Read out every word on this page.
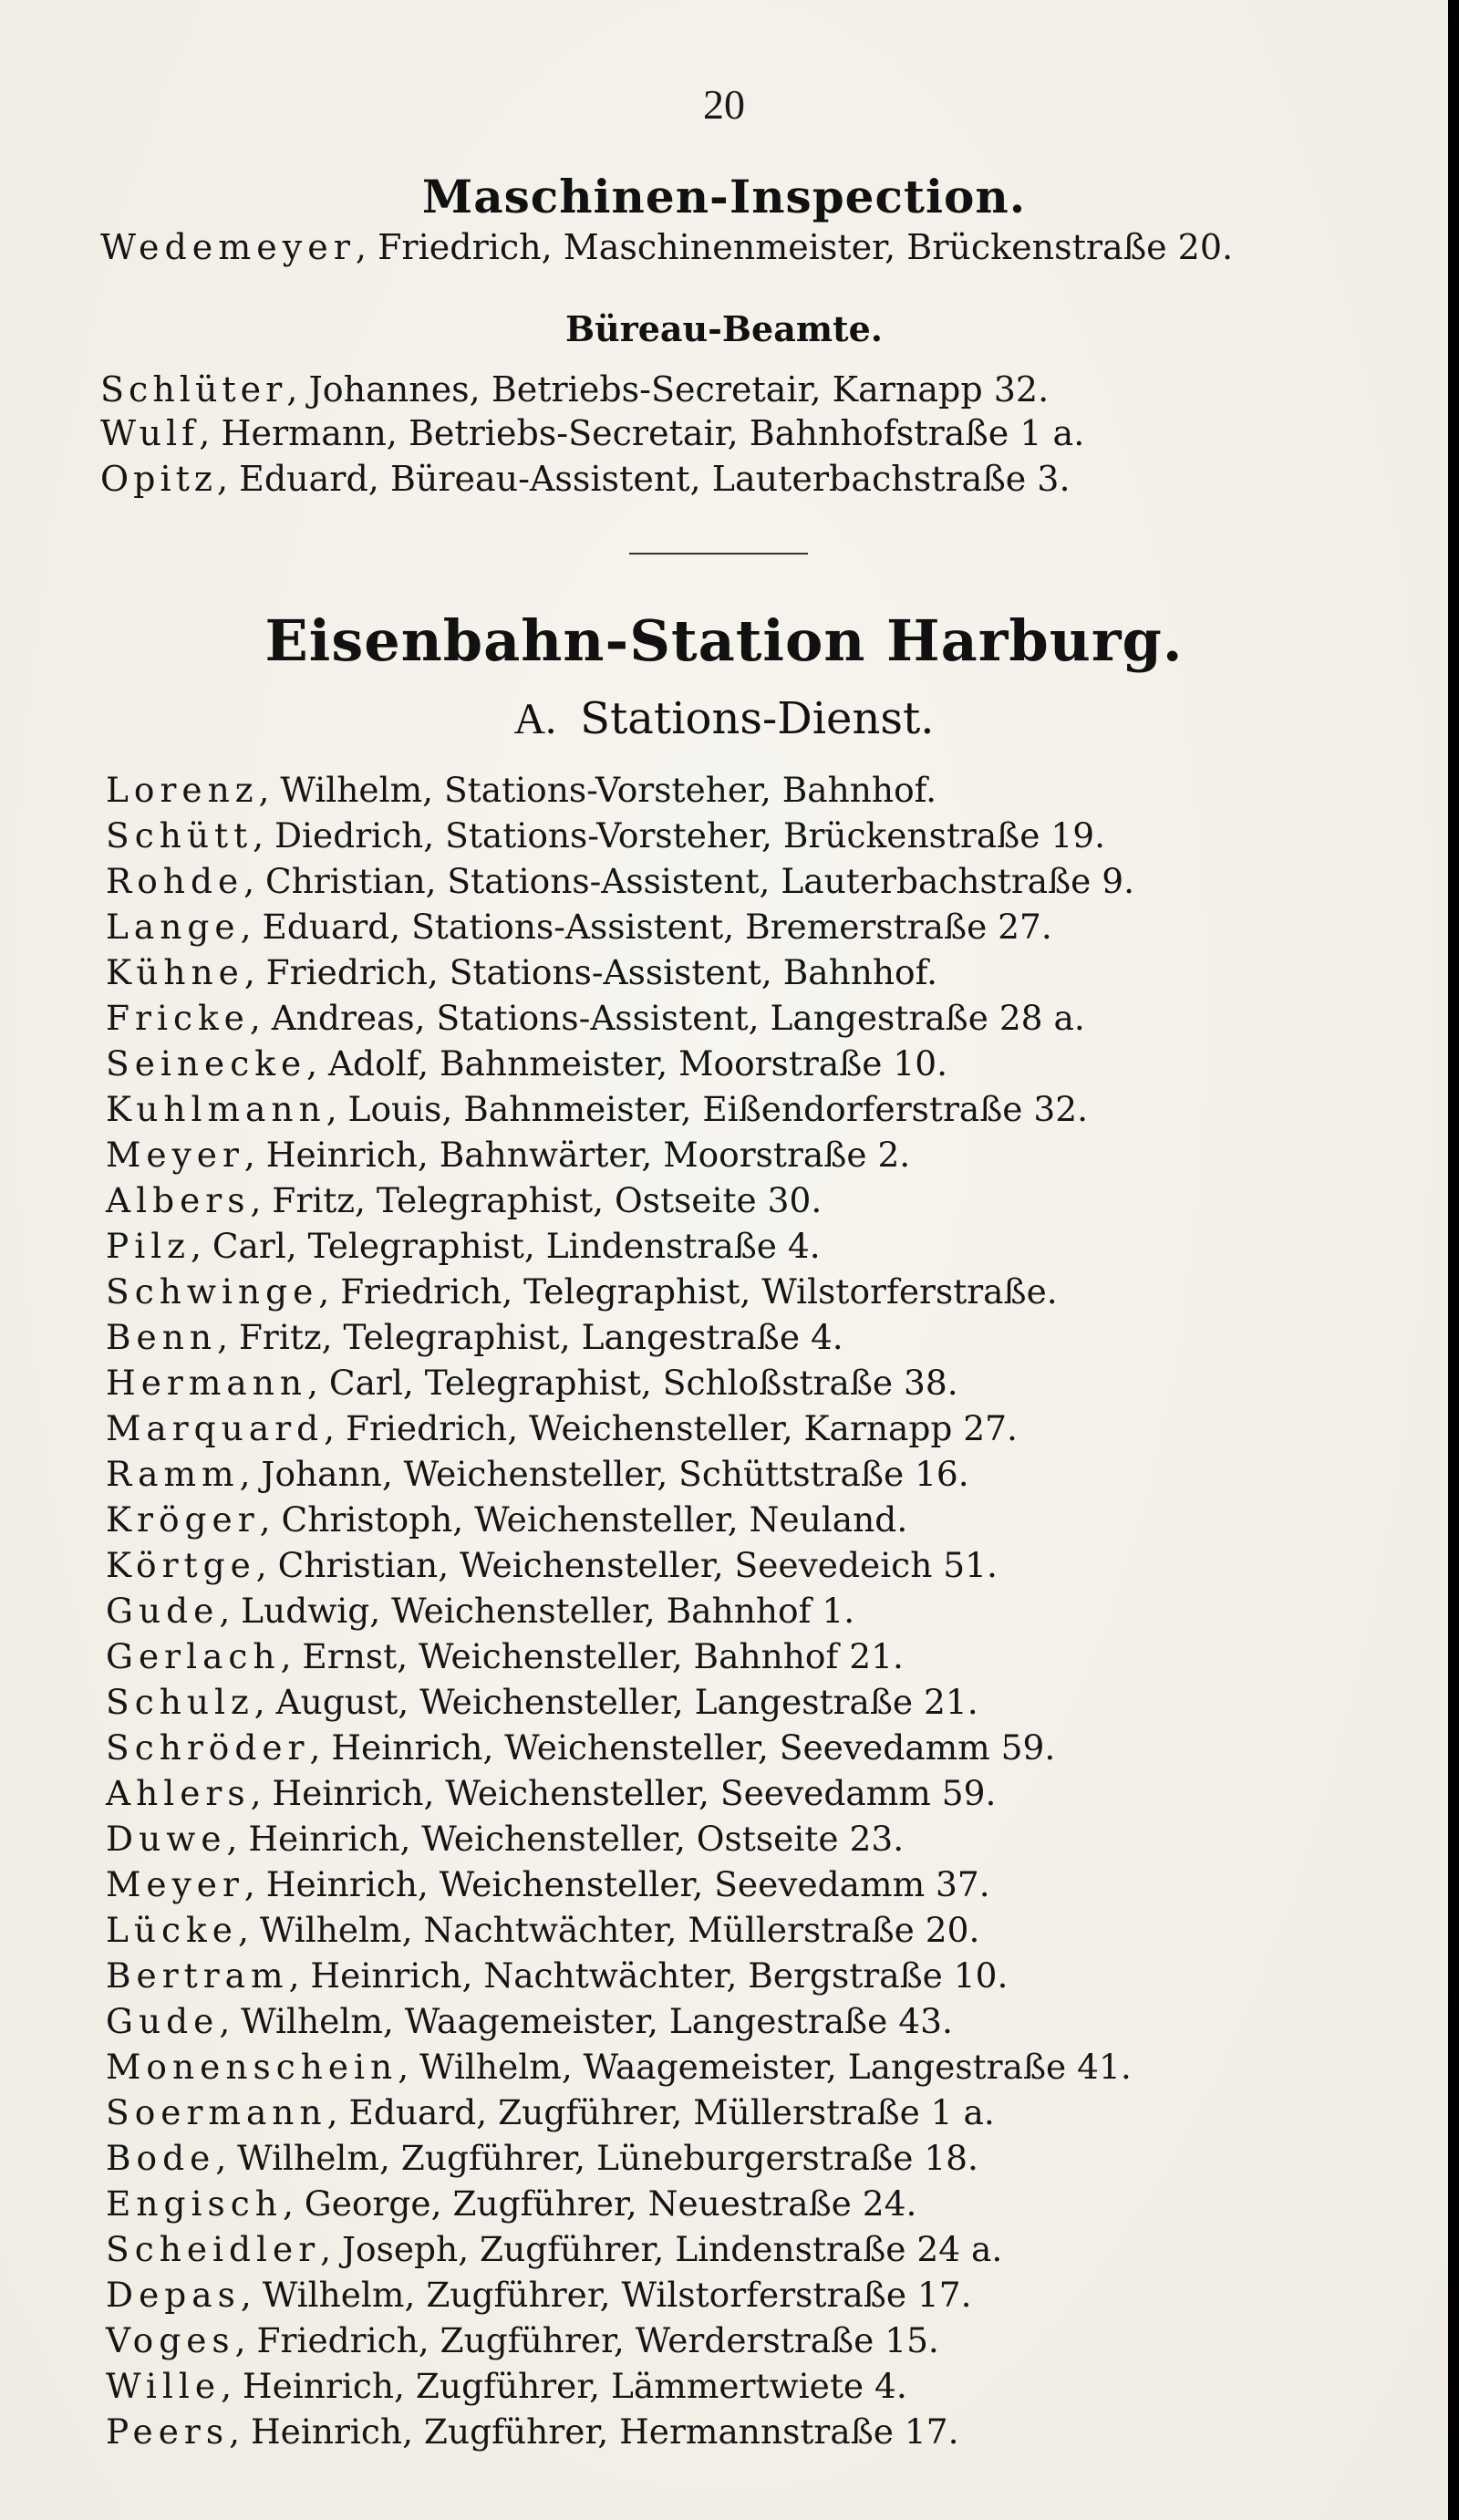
20
Maschinen-Inspection.
Wedemeyer, Friedrich, Maschinenmeister, Brückenstraße 20.
Büreau-Beamte.
Schlüter, Johannes, Betriebs-Secretair, Karnapp 32.
Wulf, Hermann, Betriebs-Secretair, Bahnhofstraße 1 a.
Opitz, Eduard, Büreau-Assistent, Lauterbachstraße 3.
Eisenbahn-Station Harburg.
A. Stations-Dienst.
Lorenz, Wilhelm, Stations-Vorsteher, Bahnhof.
Schütt, Diedrich, Stations-Vorsteher, Brückenstraße 19.
Rohde, Christian, Stations-Assistent, Lauterbachstraße 9.
Lange, Eduard, Stations-Assistent, Bremerstraße 27.
Kühne, Friedrich, Stations-Assistent, Bahnhof.
Fricke, Andreas, Stations-Assistent, Langestraße 28 a.
Seinecke, Adolf, Bahnmeister, Moorstraße 10.
Kuhlmann, Louis, Bahnmeister, Eißendorferstraße 32.
Meyer, Heinrich, Bahnwärter, Moorstraße 2.
Albers, Fritz, Telegraphist, Ostseite 30.
Pilz, Carl, Telegraphist, Lindenstraße 4.
Schwinge, Friedrich, Telegraphist, Wilstorferstraße.
Benn, Fritz, Telegraphist, Langestraße 4.
Hermann, Carl, Telegraphist, Schloßstraße 38.
Marquard, Friedrich, Weichensteller, Karnapp 27.
Ramm, Johann, Weichensteller, Schüttstraße 16.
Kröger, Christoph, Weichensteller, Neuland.
Körtge, Christian, Weichensteller, Seevedeich 51.
Gude, Ludwig, Weichensteller, Bahnhof 1.
Gerlach, Ernst, Weichensteller, Bahnhof 21.
Schulz, August, Weichensteller, Langestraße 21.
Schröder, Heinrich, Weichensteller, Seevedamm 59.
Ahlers, Heinrich, Weichensteller, Seevedamm 59.
Duwe, Heinrich, Weichensteller, Ostseite 23.
Meyer, Heinrich, Weichensteller, Seevedamm 37.
Lücke, Wilhelm, Nachtwächter, Müllerstraße 20.
Bertram, Heinrich, Nachtwächter, Bergstraße 10.
Gude, Wilhelm, Waagemeister, Langestraße 43.
Monenschein, Wilhelm, Waagemeister, Langestraße 41.
Soermann, Eduard, Zugführer, Müllerstraße 1 a.
Bode, Wilhelm, Zugführer, Lüneburgerstraße 18.
Engisch, George, Zugführer, Neuestraße 24.
Scheidler, Joseph, Zugführer, Lindenstraße 24 a.
Depas, Wilhelm, Zugführer, Wilstorferstraße 17.
Voges, Friedrich, Zugführer, Werderstraße 15.
Wille, Heinrich, Zugführer, Lämmertwiete 4.
Peers, Heinrich, Zugführer, Hermannstraße 17.
